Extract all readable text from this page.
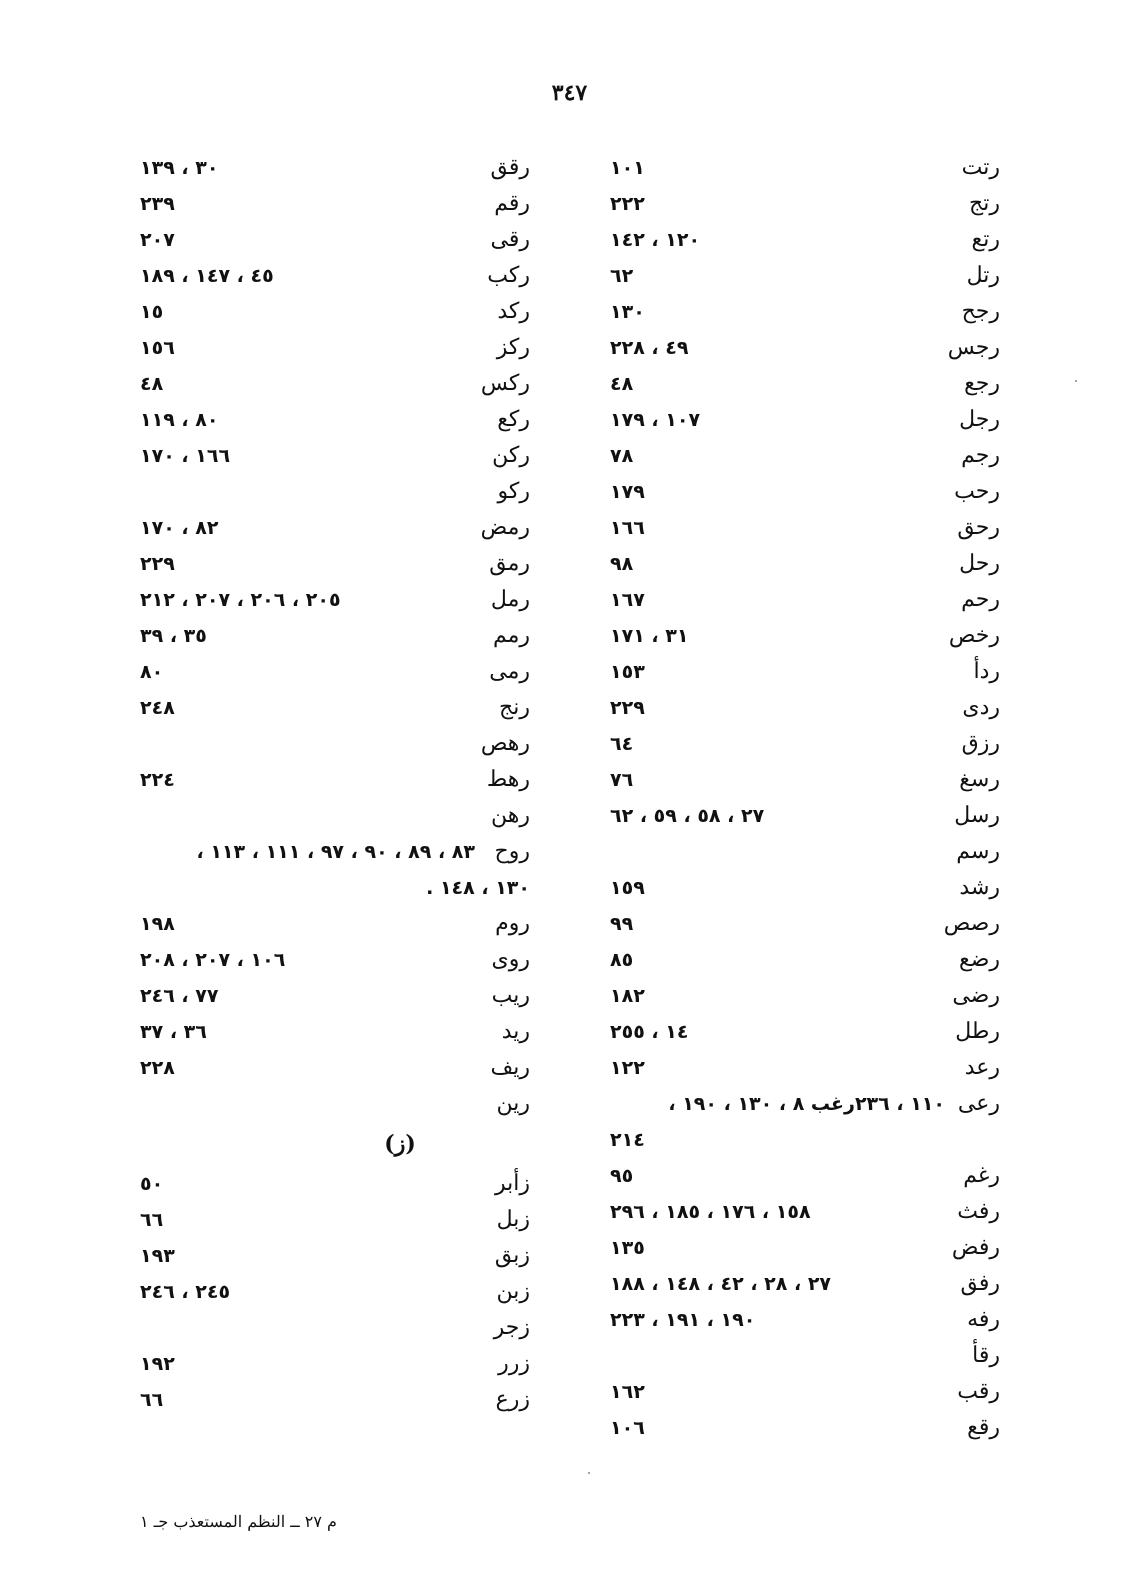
٣٤٧
رتت
١٠١
رتج
٢٢٢
رتع
١٢٠ ، ١٤٢
رتل
٦٢
رجح
١٣٠
رجس
٤٩ ، ٢٢٨
رجع
٤٨
رجل
١٠٧ ، ١٧٩
رجم
٧٨
رحب
١٧٩
رحق
١٦٦
رحل
٩٨
رحم
١٦٧
رخص
٣١ ، ١٧١
ردأ
١٥٣
ردى
٢٢٩
رزق
٦٤
رسغ
٧٦
رسل
٢٧ ، ٥٨ ، ٥٩ ، ٦٢
رسم
رشد
١٥٩
رصص
٩٩
رضع
٨٥
رضى
١٨٢
رطل
١٤ ، ٢٥٥
رعد
١٢٢
رعى
١١٠ ، ٢٣٦رغب ٨ ، ١٣٠ ، ١٩٠ ،
٢١٤
رغم
٩٥
رفث
١٥٨ ، ١٧٦ ، ١٨٥ ، ٢٩٦
رفض
١٣٥
رفق
٢٧ ، ٢٨ ، ٤٢ ، ١٤٨ ، ١٨٨
رفه
١٩٠ ، ١٩١ ، ٢٢٣
رقأ
رقب
١٦٢
رقع
١٠٦
رقق
٣٠ ، ١٣٩
رقم
٢٣٩
رقى
٢٠٧
ركب
٤٥ ، ١٤٧ ، ١٨٩
ركد
١٥
ركز
١٥٦
ركس
٤٨
ركع
٨٠ ، ١١٩
ركن
١٦٦ ، ١٧٠
ركو
رمض
٨٢ ، ١٧٠
رمق
٢٢٩
رمل
٢٠٥ ، ٢٠٦ ، ٢٠٧ ، ٢١٢
رمم
٣٥ ، ٣٩
رمى
٨٠
رنج
٢٤٨
رهص
رهط
٢٢٤
رهن
روح
٨٣ ، ٨٩ ، ٩٠ ، ٩٧ ، ١١١ ، ١١٣ ،
١٣٠ ، ١٤٨ .
روم
١٩٨
روى
١٠٦ ، ٢٠٧ ، ٢٠٨
ريب
٧٧ ، ٢٤٦
ريد
٣٦ ، ٣٧
ريف
٢٢٨
رين
(ز)
زأبر
٥٠
زبل
٦٦
زبق
١٩٣
زبن
٢٤٥ ، ٢٤٦
زجر
زرر
١٩٢
زرع
٦٦
م ٢٧ ــ النظم المستعذب جـ ١
